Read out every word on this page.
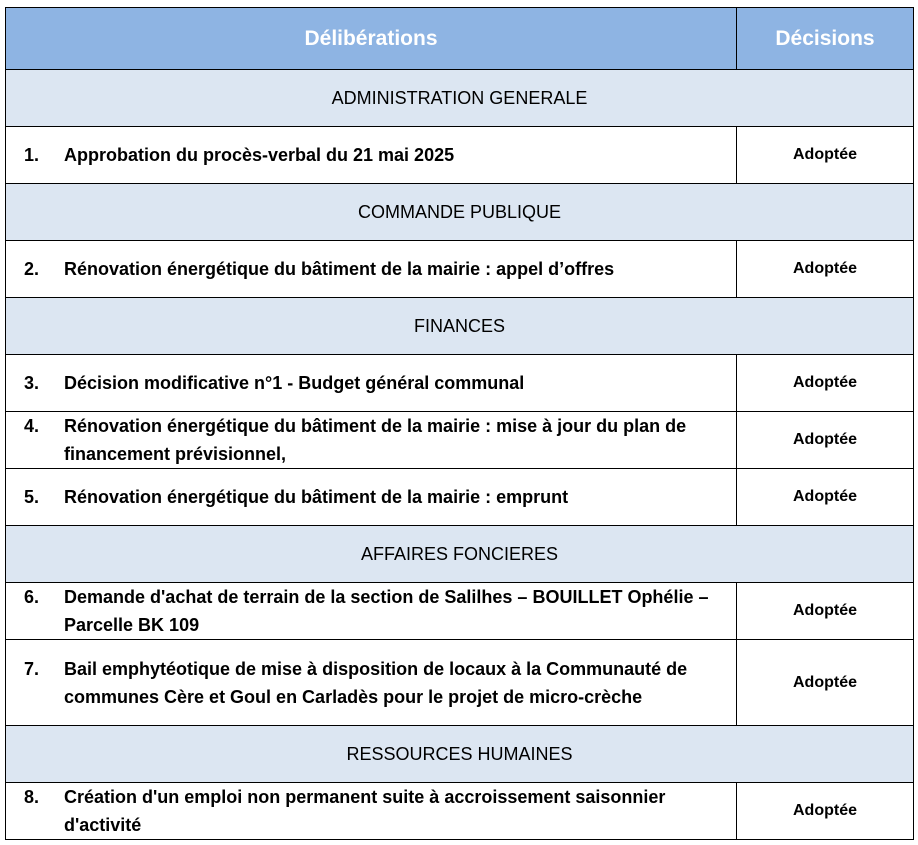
Délibérations	Décisions
ADMINISTRATION GENERALE	

1. Approbation du procès-verbal du 21 mai 2025	Adoptée
COMMANDE PUBLIQUE	

2. Rénovation énergétique du bâtiment de la mairie : appel d’offres	Adoptée
FINANCES	

3. Décision modificative n°1 - Budget général communal	Adoptée

4. Rénovation énergétique du bâtiment de la mairie : mise à jour du plan de financement prévisionnel,	Adoptée

5. Rénovation énergétique du bâtiment de la mairie : emprunt	Adoptée
AFFAIRES FONCIERES	

6. Demande d'achat de terrain de la section de Salilhes – BOUILLET Ophélie – Parcelle BK 109	Adoptée

7. Bail emphytéotique de mise à disposition de locaux à la Communauté de communes Cère et Goul en Carladès pour le projet de micro-crèche	Adoptée
RESSOURCES HUMAINES	

8. Création d'un emploi non permanent suite à accroissement saisonnier d'activité	Adoptée
